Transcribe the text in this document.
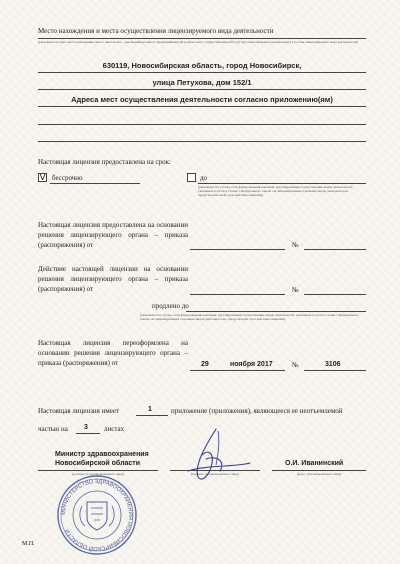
Место нахождения и места осуществления лицензируемого вида деятельности
(указываются адрес места нахождения (место жительства – для индивидуального предпринимателя) и адреса мест осуществления работ (услуг), выполняемых (оказываемых) в составе лицензируемого вида деятельности)
630119, Новосибирская область, город Новосибирск,
улица Петухова, дом 152/1
Адреса мест осуществления деятельности согласно приложению(ям)
Настоящая лицензия предоставлена на срок:
V бессрочно	до
(указывается в случае, если федеральными законами, регулирующими осуществление видов деятельности, указанных в части 4 статьи 1 Федерального закона «О лицензировании отдельных видов деятельности», предусмотрен иной срок действия лицензии)
Настоящая лицензия предоставлена на основании решения лицензирующего органа – приказа (распоряжения) от	№
Действие настоящей лицензии на основании решения лицензирующего органа – приказа (распоряжения) от	№
продлено до
(указывается в случае, если федеральными законами, регулирующими осуществление видов деятельности, указанных в части 4 статьи 1 Федерального закона «О лицензировании отдельных видов деятельности», предусмотрен срок действия лицензии)
Настоящая лицензия переоформлена на основании решения лицензирующего органа – приказа (распоряжения) от	29	ноября 2017	№	3106
Настоящая лицензия имеет	1	приложение (приложения), являющееся ее неотъемлемой
частью на 3 листах
Министр здравоохранения
Новосибирской области
(должность уполномоченного лица)	(подпись уполномоченного лица)
О.И. Иванинский
(ф.и.о. уполномоченного лица)
МИНИСТЕРСТВО ЗДРАВООХРАНЕНИЯ НОВОСИБИРСКОЙ ОБЛАСТИ
М.П.
